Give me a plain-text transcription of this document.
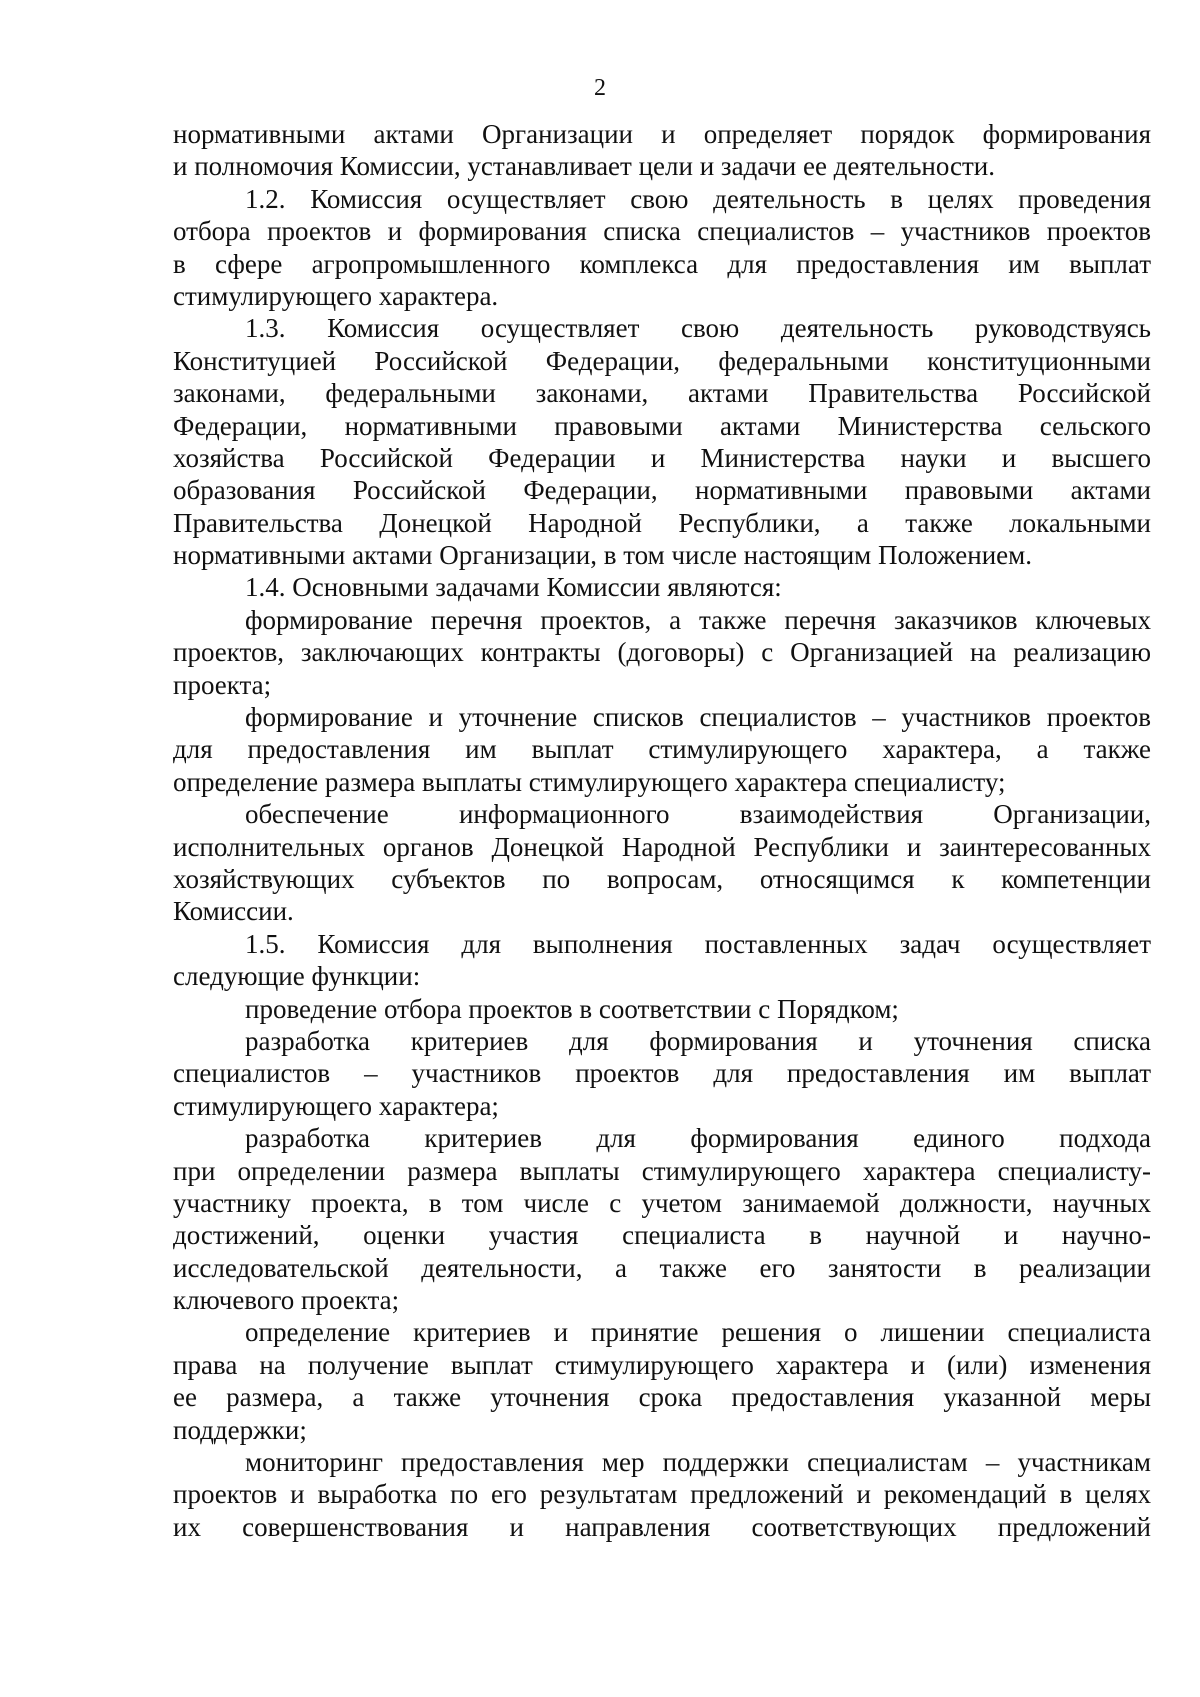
2
нормативными актами Организации и определяет порядок формирования
и полномочия Комиссии, устанавливает цели и задачи ее деятельности.
1.2. Комиссия осуществляет свою деятельность в целях проведения
отбора проектов и формирования списка специалистов – участников проектов
в сфере агропромышленного комплекса для предоставления им выплат
стимулирующего характера.
1.3. Комиссия осуществляет свою деятельность руководствуясь
Конституцией Российской Федерации, федеральными конституционными
законами, федеральными законами, актами Правительства Российской
Федерации, нормативными правовыми актами Министерства сельского
хозяйства Российской Федерации и Министерства науки и высшего
образования Российской Федерации, нормативными правовыми актами
Правительства Донецкой Народной Республики, а также локальными
нормативными актами Организации, в том числе настоящим Положением.
1.4. Основными задачами Комиссии являются:
формирование перечня проектов, а также перечня заказчиков ключевых
проектов, заключающих контракты (договоры) с Организацией на реализацию
проекта;
формирование и уточнение списков специалистов – участников проектов
для предоставления им выплат стимулирующего характера, а также
определение размера выплаты стимулирующего характера специалисту;
обеспечение информационного взаимодействия Организации,
исполнительных органов Донецкой Народной Республики и заинтересованных
хозяйствующих субъектов по вопросам, относящимся к компетенции
Комиссии.
1.5. Комиссия для выполнения поставленных задач осуществляет
следующие функции:
проведение отбора проектов в соответствии с Порядком;
разработка критериев для формирования и уточнения списка
специалистов – участников проектов для предоставления им выплат
стимулирующего характера;
разработка критериев для формирования единого подхода
при определении размера выплаты стимулирующего характера специалисту-
участнику проекта, в том числе с учетом занимаемой должности, научных
достижений, оценки участия специалиста в научной и научно-
исследовательской деятельности, а также его занятости в реализации
ключевого проекта;
определение критериев и принятие решения о лишении специалиста
права на получение выплат стимулирующего характера и (или) изменения
ее размера, а также уточнения срока предоставления указанной меры
поддержки;
мониторинг предоставления мер поддержки специалистам – участникам
проектов и выработка по его результатам предложений и рекомендаций в целях
их совершенствования и направления соответствующих предложений
